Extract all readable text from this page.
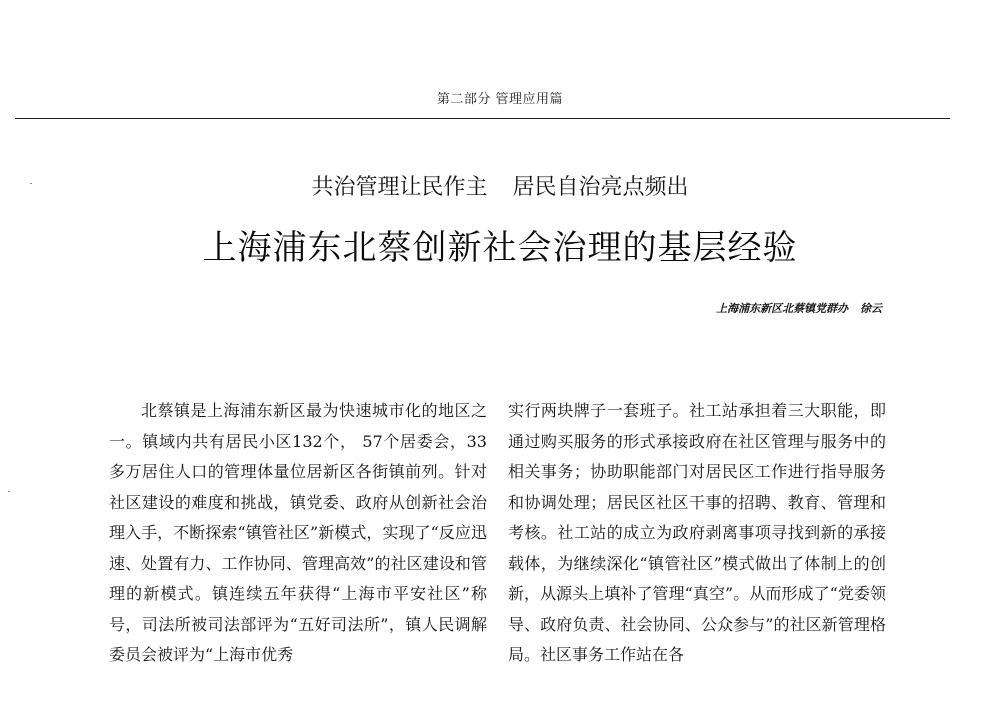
第二部分 管理应用篇
共治管理让民作主 居民自治亮点频出
上海浦东北蔡创新社会治理的基层经验
上海浦东新区北蔡镇党群办 徐云

北蔡镇是上海浦东新区最为快速城市化的地区之一。镇域内共有居民小区132个， 57个居委会，33多万居住人口的管理体量位居新区各街镇前列。针对社区建设的难度和挑战，镇党委、政府从创新社会治理入手，不断探索“镇管社区”新模式，实现了“反应迅速、处置有力、工作协同、管理高效”的社区建设和管理的新模式。镇连续五年获得“上海市平安社区”称号，司法所被司法部评为“五好司法所”，镇人民调解委员会被评为“上海市优秀

实行两块牌子一套班子。社工站承担着三大职能，即通过购买服务的形式承接政府在社区管理与服务中的相关事务；协助职能部门对居民区工作进行指导服务和协调处理；居民区社区干事的招聘、教育、管理和考核。社工站的成立为政府剥离事项寻找到新的承接载体，为继续深化“镇管社区”模式做出了体制上的创新，从源头上填补了管理“真空”。从而形成了“党委领导、政府负责、社会协同、公众参与”的社区新管理格局。社区事务工作站在各
